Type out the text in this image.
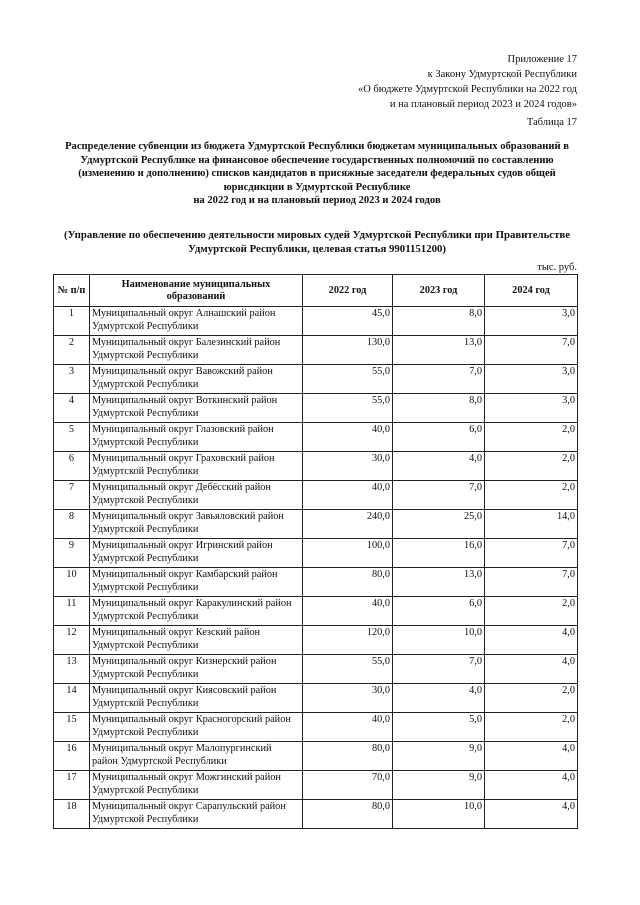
Приложение 17
к Закону Удмуртской Республики
«О бюджете Удмуртской Республики на 2022 год
и на плановый период 2023 и 2024 годов»
Таблица 17
Распределение субвенции из бюджета Удмуртской Республики бюджетам муниципальных образований в
Удмуртской Республике на финансовое обеспечение государственных полномочий по составлению
(изменению и дополнению) списков кандидатов в присяжные заседатели федеральных судов общей
юрисдикции в Удмуртской Республике
на 2022 год и на плановый период 2023 и 2024 годов
(Управление по обеспечению деятельности мировых судей Удмуртской Республики при Правительстве
Удмуртской Республики, целевая статья 9901151200)
тыс. руб.
№ п/п	Наименование муниципальных
образований	2022 год	2023 год	2024 год
1	Муниципальный округ Алнашский район
Удмуртской Республики	45,0	8,0	3,0
2	Муниципальный округ Балезинский район
Удмуртской Республики	130,0	13,0	7,0
3	Муниципальный округ Вавожский район
Удмуртской Республики	55,0	7,0	3,0
4	Муниципальный округ Воткинский район
Удмуртской Республики	55,0	8,0	3,0
5	Муниципальный округ Глазовский район
Удмуртской Республики	40,0	6,0	2,0
6	Муниципальный округ Граховский район
Удмуртской Республики	30,0	4,0	2,0
7	Муниципальный округ Дебёсский район
Удмуртской Республики	40,0	7,0	2,0
8	Муниципальный округ Завьяловский район
Удмуртской Республики	240,0	25,0	14,0
9	Муниципальный округ Игринский район
Удмуртской Республики	100,0	16,0	7,0
10	Муниципальный округ Камбарский район
Удмуртской Республики	80,0	13,0	7,0
11	Муниципальный округ Каракулинский район
Удмуртской Республики	40,0	6,0	2,0
12	Муниципальный округ Кезский район
Удмуртской Республики	120,0	10,0	4,0
13	Муниципальный округ Кизнерский район
Удмуртской Республики	55,0	7,0	4,0
14	Муниципальный округ Киясовский район
Удмуртской Республики	30,0	4,0	2,0
15	Муниципальный округ Красногорский район
Удмуртской Республики	40,0	5,0	2,0
16	Муниципальный округ Малопургинский
район Удмуртской Республики	80,0	9,0	4,0
17	Муниципальный округ Можгинский район
Удмуртской Республики	70,0	9,0	4,0
18	Муниципальный округ Сарапульский район
Удмуртской Республики	80,0	10,0	4,0
